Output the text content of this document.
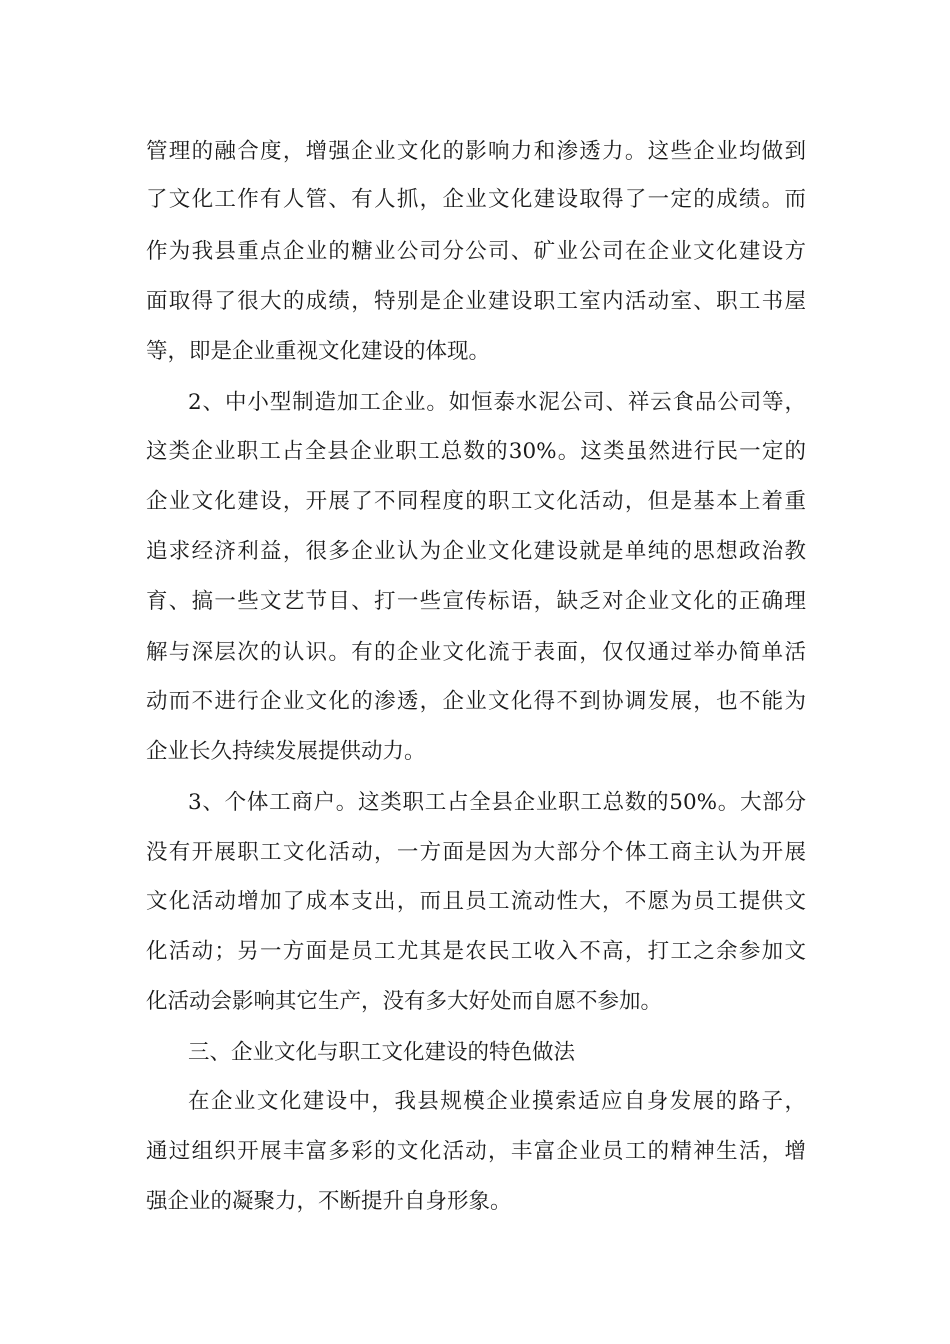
管理的融合度，增强企业文化的影响力和渗透力。这些企业均做到
了文化工作有人管、有人抓，企业文化建设取得了一定的成绩。而
作为我县重点企业的糖业公司分公司、矿业公司在企业文化建设方
面取得了很大的成绩，特别是企业建设职工室内活动室、职工书屋
等，即是企业重视文化建设的体现。
2、中小型制造加工企业。如恒泰水泥公司、祥云食品公司等，
这类企业职工占全县企业职工总数的30%。这类虽然进行民一定的
企业文化建设，开展了不同程度的职工文化活动，但是基本上着重
追求经济利益，很多企业认为企业文化建设就是单纯的思想政治教
育、搞一些文艺节目、打一些宣传标语，缺乏对企业文化的正确理
解与深层次的认识。有的企业文化流于表面，仅仅通过举办简单活
动而不进行企业文化的渗透，企业文化得不到协调发展，也不能为
企业长久持续发展提供动力。
3、个体工商户。这类职工占全县企业职工总数的50%。大部分
没有开展职工文化活动，一方面是因为大部分个体工商主认为开展
文化活动增加了成本支出，而且员工流动性大，不愿为员工提供文
化活动；另一方面是员工尤其是农民工收入不高，打工之余参加文
化活动会影响其它生产，没有多大好处而自愿不参加。
三、企业文化与职工文化建设的特色做法
在企业文化建设中，我县规模企业摸索适应自身发展的路子，
通过组织开展丰富多彩的文化活动，丰富企业员工的精神生活，增
强企业的凝聚力，不断提升自身形象。
